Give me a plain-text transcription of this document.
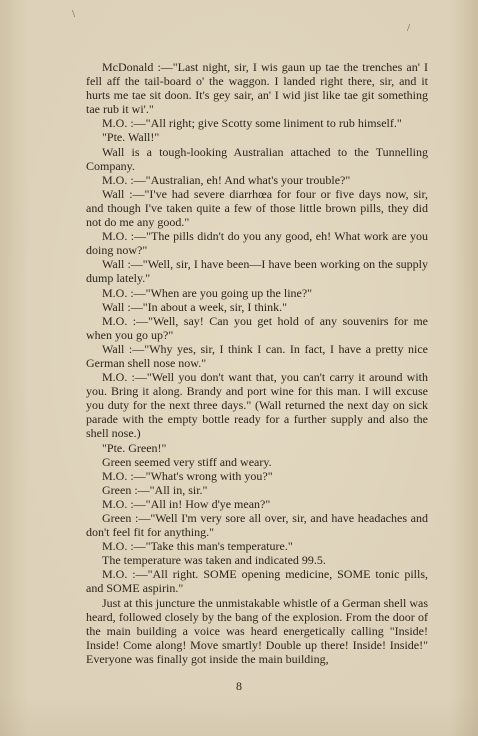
\
/

McDonald :—"Last night, sir, I wis gaun up tae the trenches an' I fell aff the tail-board o' the waggon. I landed right there, sir, and it hurts me tae sit doon. It's gey sair, an' I wid jist like tae git something tae rub it wi'."

M.O. :—"All right; give Scotty some liniment to rub himself."

"Pte. Wall!"

Wall is a tough-looking Australian attached to the Tunnelling Company.

M.O. :—"Australian, eh! And what's your trouble?"

Wall :—"I've had severe diarrhœa for four or five days now, sir, and though I've taken quite a few of those little brown pills, they did not do me any good."

M.O. :—"The pills didn't do you any good, eh! What work are you doing now?"

Wall :—"Well, sir, I have been—I have been working on the supply dump lately."

M.O. :—"When are you going up the line?"

Wall :—"In about a week, sir, I think."

M.O. :—"Well, say! Can you get hold of any souvenirs for me when you go up?"

Wall :—"Why yes, sir, I think I can. In fact, I have a pretty nice German shell nose now."

M.O. :—"Well you don't want that, you can't carry it around with you. Bring it along. Brandy and port wine for this man. I will excuse you duty for the next three days." (Wall returned the next day on sick parade with the empty bottle ready for a further supply and also the shell nose.)

"Pte. Green!"

Green seemed very stiff and weary.

M.O. :—"What's wrong with you?"

Green :—"All in, sir."

M.O. :—"All in! How d'ye mean?"

Green :—"Well I'm very sore all over, sir, and have headaches and don't feel fit for anything."

M.O. :—"Take this man's temperature."

The temperature was taken and indicated 99.5.

M.O. :—"All right. SOME opening medicine, SOME tonic pills, and SOME aspirin."

Just at this juncture the unmistakable whistle of a German shell was heard, followed closely by the bang of the explosion. From the door of the main building a voice was heard energetically calling "Inside! Inside! Come along! Move smartly! Double up there! Inside! Inside!" Everyone was finally got inside the main building,

8
